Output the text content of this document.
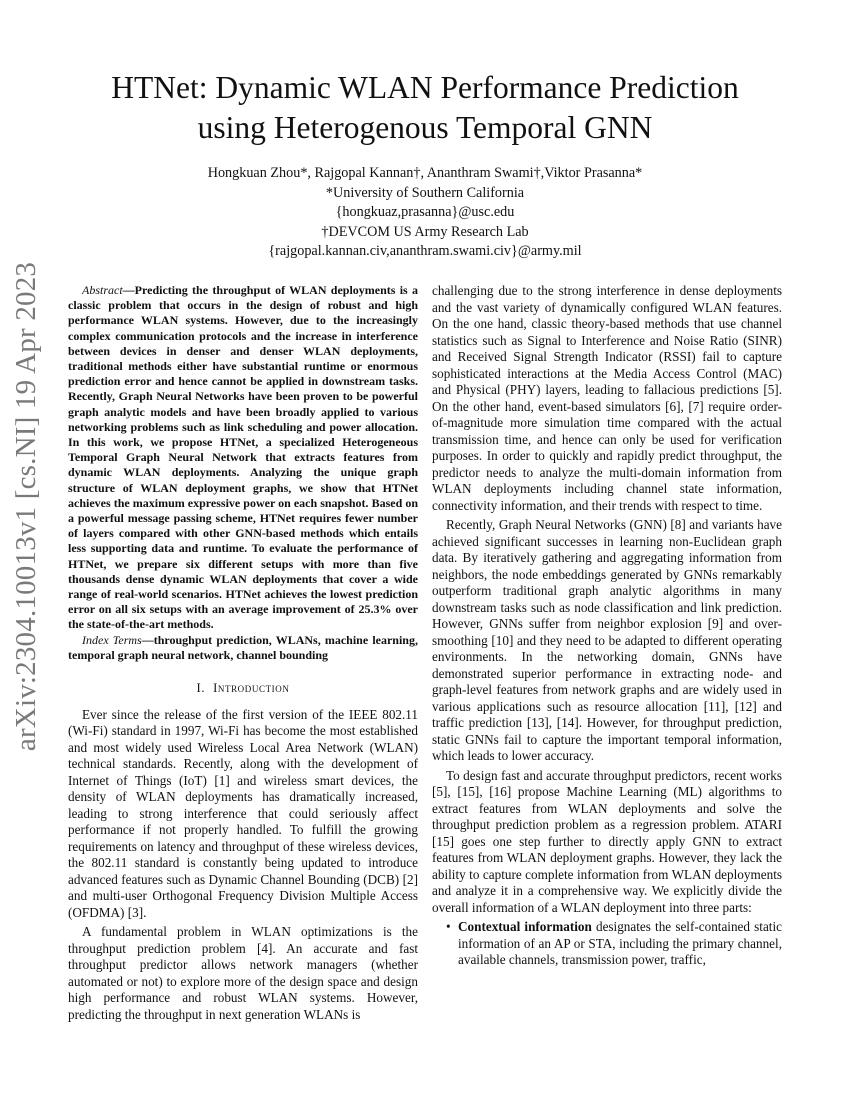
arXiv:2304.10013v1 [cs.NI] 19 Apr 2023
HTNet: Dynamic WLAN Performance Prediction
using Heterogenous Temporal GNN
Hongkuan Zhou*, Rajgopal Kannan†, Ananthram Swami†,Viktor Prasanna*
*University of Southern California
{hongkuaz,prasanna}@usc.edu
†DEVCOM US Army Research Lab
{rajgopal.kannan.civ,ananthram.swami.civ}@army.mil

Abstract—Predicting the throughput of WLAN deployments is a classic problem that occurs in the design of robust and high performance WLAN systems. However, due to the increasingly complex communication protocols and the increase in interference between devices in denser and denser WLAN deployments, traditional methods either have substantial runtime or enormous prediction error and hence cannot be applied in downstream tasks. Recently, Graph Neural Networks have been proven to be powerful graph analytic models and have been broadly applied to various networking problems such as link scheduling and power allocation. In this work, we propose HTNet, a specialized Heterogeneous Temporal Graph Neural Network that extracts features from dynamic WLAN deployments. Analyzing the unique graph structure of WLAN deployment graphs, we show that HTNet achieves the maximum expressive power on each snapshot. Based on a powerful message passing scheme, HTNet requires fewer number of layers compared with other GNN-based methods which entails less supporting data and runtime. To evaluate the performance of HTNet, we prepare six different setups with more than five thousands dense dynamic WLAN deployments that cover a wide range of real-world scenarios. HTNet achieves the lowest prediction error on all six setups with an average improvement of 25.3% over the state-of-the-art methods.

Index Terms—throughput prediction, WLANs, machine learning, temporal graph neural network, channel bounding

I. Introduction

Ever since the release of the first version of the IEEE 802.11 (Wi-Fi) standard in 1997, Wi-Fi has become the most established and most widely used Wireless Local Area Network (WLAN) technical standards. Recently, along with the development of Internet of Things (IoT) [1] and wireless smart devices, the density of WLAN deployments has dramatically increased, leading to strong interference that could seriously affect performance if not properly handled. To fulfill the growing requirements on latency and throughput of these wireless devices, the 802.11 standard is constantly being updated to introduce advanced features such as Dynamic Channel Bounding (DCB) [2] and multi-user Orthogonal Frequency Division Multiple Access (OFDMA) [3].

A fundamental problem in WLAN optimizations is the throughput prediction problem [4]. An accurate and fast throughput predictor allows network managers (whether automated or not) to explore more of the design space and design high performance and robust WLAN systems. However, predicting the throughput in next generation WLANs is

challenging due to the strong interference in dense deployments and the vast variety of dynamically configured WLAN features. On the one hand, classic theory-based methods that use channel statistics such as Signal to Interference and Noise Ratio (SINR) and Received Signal Strength Indicator (RSSI) fail to capture sophisticated interactions at the Media Access Control (MAC) and Physical (PHY) layers, leading to fallacious predictions [5]. On the other hand, event-based simulators [6], [7] require order-of-magnitude more simulation time compared with the actual transmission time, and hence can only be used for verification purposes. In order to quickly and rapidly predict throughput, the predictor needs to analyze the multi-domain information from WLAN deployments including channel state information, connectivity information, and their trends with respect to time.

Recently, Graph Neural Networks (GNN) [8] and variants have achieved significant successes in learning non-Euclidean graph data. By iteratively gathering and aggregating information from neighbors, the node embeddings generated by GNNs remarkably outperform traditional graph analytic algorithms in many downstream tasks such as node classification and link prediction. However, GNNs suffer from neighbor explosion [9] and over-smoothing [10] and they need to be adapted to different operating environments. In the networking domain, GNNs have demonstrated superior performance in extracting node- and graph-level features from network graphs and are widely used in various applications such as resource allocation [11], [12] and traffic prediction [13], [14]. However, for throughput prediction, static GNNs fail to capture the important temporal information, which leads to lower accuracy.

To design fast and accurate throughput predictors, recent works [5], [15], [16] propose Machine Learning (ML) algorithms to extract features from WLAN deployments and solve the throughput prediction problem as a regression problem. ATARI [15] goes one step further to directly apply GNN to extract features from WLAN deployment graphs. However, they lack the ability to capture complete information from WLAN deployments and analyze it in a comprehensive way. We explicitly divide the overall information of a WLAN deployment into three parts:

• Contextual information designates the self-contained static information of an AP or STA, including the primary channel, available channels, transmission power, traffic,
